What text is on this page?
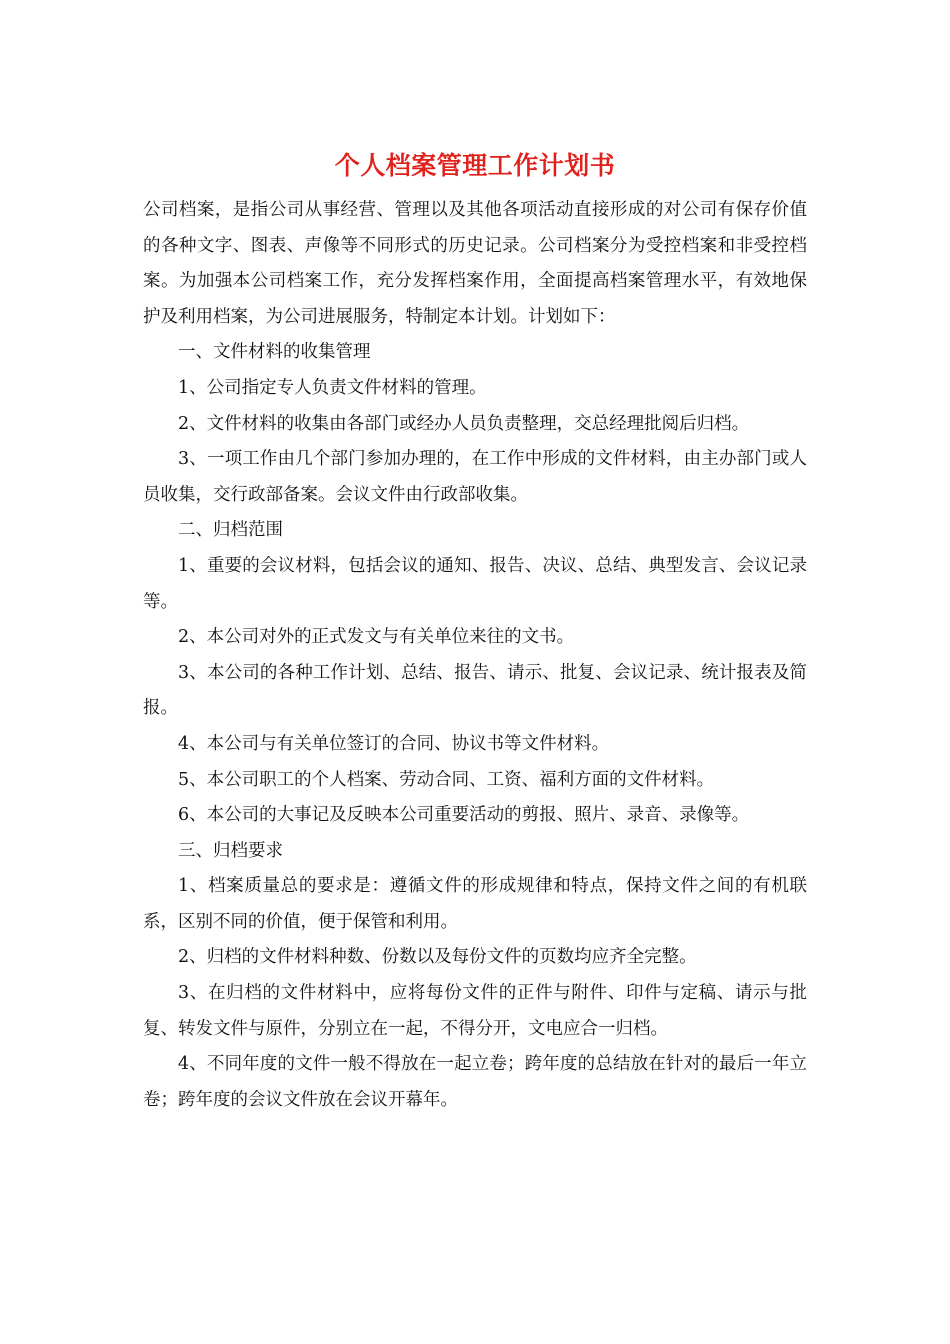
个人档案管理工作计划书

公司档案，是指公司从事经营、管理以及其他各项活动直接形成的对公司有保存价值的各种文字、图表、声像等不同形式的历史记录。公司档案分为受控档案和非受控档案。为加强本公司档案工作，充分发挥档案作用，全面提高档案管理水平，有效地保护及利用档案，为公司进展服务，特制定本计划。计划如下：

一、文件材料的收集管理

1、公司指定专人负责文件材料的管理。

2、文件材料的收集由各部门或经办人员负责整理，交总经理批阅后归档。

3、一项工作由几个部门参加办理的，在工作中形成的文件材料，由主办部门或人员收集，交行政部备案。会议文件由行政部收集。

二、归档范围

1、重要的会议材料，包括会议的通知、报告、决议、总结、典型发言、会议记录等。

2、本公司对外的正式发文与有关单位来往的文书。

3、本公司的各种工作计划、总结、报告、请示、批复、会议记录、统计报表及简报。

4、本公司与有关单位签订的合同、协议书等文件材料。

5、本公司职工的个人档案、劳动合同、工资、福利方面的文件材料。

6、本公司的大事记及反映本公司重要活动的剪报、照片、录音、录像等。

三、归档要求

1、档案质量总的要求是：遵循文件的形成规律和特点，保持文件之间的有机联系，区别不同的价值，便于保管和利用。

2、归档的文件材料种数、份数以及每份文件的页数均应齐全完整。

3、在归档的文件材料中，应将每份文件的正件与附件、印件与定稿、请示与批复、转发文件与原件，分别立在一起，不得分开，文电应合一归档。

4、不同年度的文件一般不得放在一起立卷；跨年度的总结放在针对的最后一年立卷；跨年度的会议文件放在会议开幕年。
